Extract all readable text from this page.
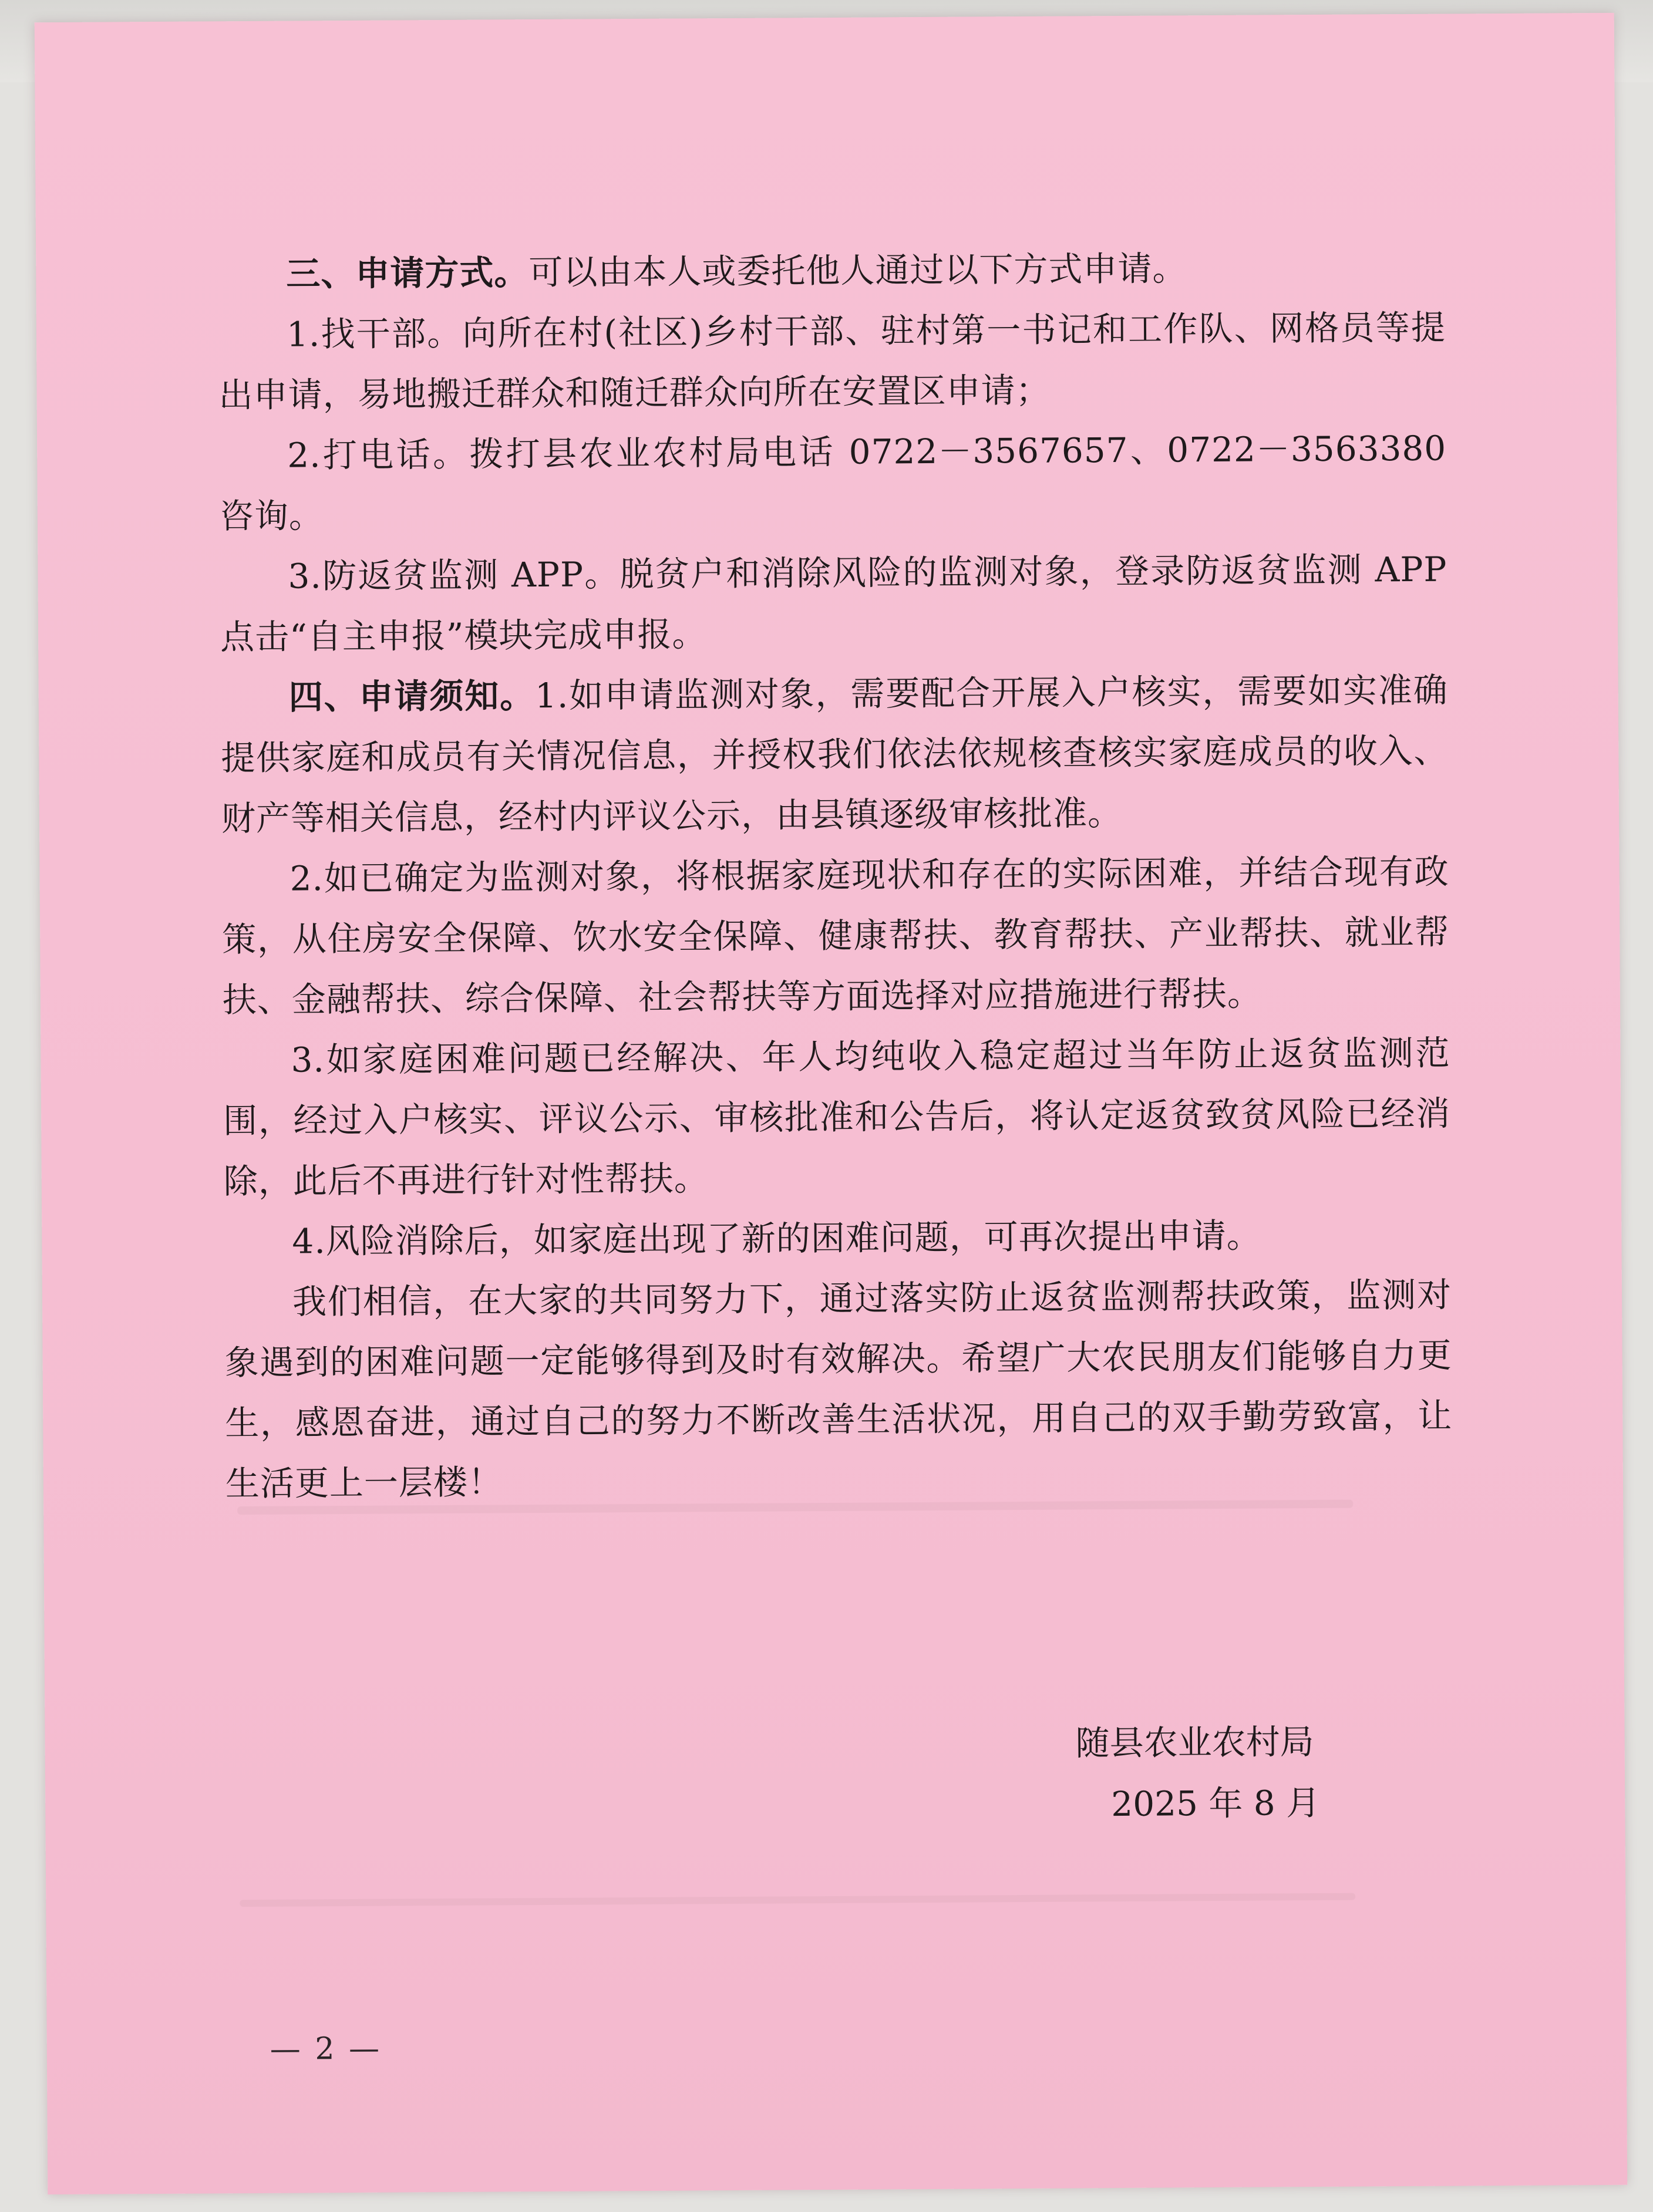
三、申请方式。可以由本人或委托他人通过以下方式申请。

1.找干部。向所在村(社区)乡村干部、驻村第一书记和工作队、网格员等提出申请，易地搬迁群众和随迁群众向所在安置区申请；

2.打电话。拨打县农业农村局电话 0722－3567657、0722－3563380 咨询。

3.防返贫监测 APP。脱贫户和消除风险的监测对象，登录防返贫监测 APP 点击“自主申报”模块完成申报。

四、申请须知。1.如申请监测对象，需要配合开展入户核实，需要如实准确提供家庭和成员有关情况信息，并授权我们依法依规核查核实家庭成员的收入、财产等相关信息，经村内评议公示，由县镇逐级审核批准。

2.如已确定为监测对象，将根据家庭现状和存在的实际困难，并结合现有政策，从住房安全保障、饮水安全保障、健康帮扶、教育帮扶、产业帮扶、就业帮扶、金融帮扶、综合保障、社会帮扶等方面选择对应措施进行帮扶。

3.如家庭困难问题已经解决、年人均纯收入稳定超过当年防止返贫监测范围，经过入户核实、评议公示、审核批准和公告后，将认定返贫致贫风险已经消除，此后不再进行针对性帮扶。

4.风险消除后，如家庭出现了新的困难问题，可再次提出申请。

我们相信，在大家的共同努力下，通过落实防止返贫监测帮扶政策，监测对象遇到的困难问题一定能够得到及时有效解决。希望广大农民朋友们能够自力更生，感恩奋进，通过自己的努力不断改善生活状况，用自己的双手勤劳致富，让生活更上一层楼！

随县农业农村局
2025 年 8 月
— 2 —
